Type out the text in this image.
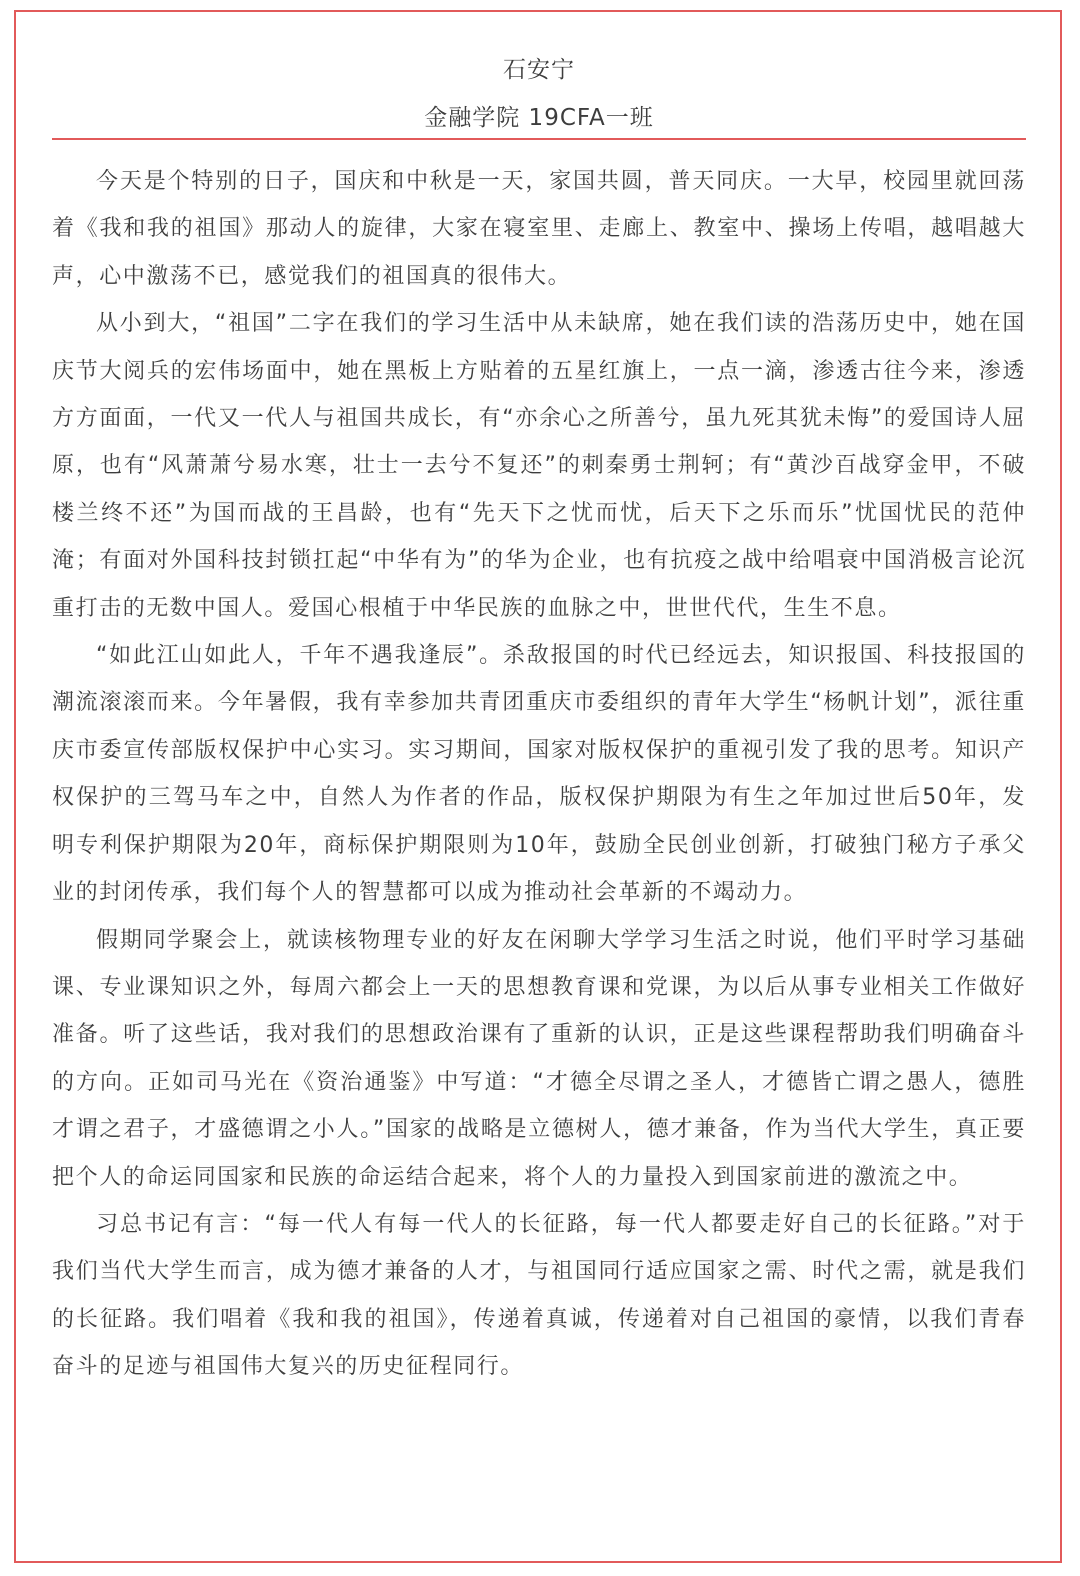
石安宁
金融学院 19CFA一班

今天是个特别的日子，国庆和中秋是一天，家国共圆，普天同庆。一大早，校园里就回荡着《我和我的祖国》那动人的旋律，大家在寝室里、走廊上、教室中、操场上传唱，越唱越大声，心中激荡不已，感觉我们的祖国真的很伟大。

从小到大，“祖国”二字在我们的学习生活中从未缺席，她在我们读的浩荡历史中，她在国庆节大阅兵的宏伟场面中，她在黑板上方贴着的五星红旗上，一点一滴，渗透古往今来，渗透方方面面，一代又一代人与祖国共成长，有“亦余心之所善兮，虽九死其犹未悔”的爱国诗人屈原，也有“风萧萧兮易水寒，壮士一去兮不复还”的刺秦勇士荆轲；有“黄沙百战穿金甲，不破楼兰终不还”为国而战的王昌龄，也有“先天下之忧而忧，后天下之乐而乐”忧国忧民的范仲淹；有面对外国科技封锁扛起“中华有为”的华为企业，也有抗疫之战中给唱衰中国消极言论沉重打击的无数中国人。爱国心根植于中华民族的血脉之中，世世代代，生生不息。

“如此江山如此人，千年不遇我逢辰”。杀敌报国的时代已经远去，知识报国、科技报国的潮流滚滚而来。今年暑假，我有幸参加共青团重庆市委组织的青年大学生“杨帆计划”，派往重庆市委宣传部版权保护中心实习。实习期间，国家对版权保护的重视引发了我的思考。知识产权保护的三驾马车之中，自然人为作者的作品，版权保护期限为有生之年加过世后50年，发明专利保护期限为20年，商标保护期限则为10年，鼓励全民创业创新，打破独门秘方子承父业的封闭传承，我们每个人的智慧都可以成为推动社会革新的不竭动力。

假期同学聚会上，就读核物理专业的好友在闲聊大学学习生活之时说，他们平时学习基础课、专业课知识之外，每周六都会上一天的思想教育课和党课，为以后从事专业相关工作做好准备。听了这些话，我对我们的思想政治课有了重新的认识，正是这些课程帮助我们明确奋斗的方向。正如司马光在《资治通鉴》中写道：“才德全尽谓之圣人，才德皆亡谓之愚人，德胜才谓之君子，才盛德谓之小人。”国家的战略是立德树人，德才兼备，作为当代大学生，真正要把个人的命运同国家和民族的命运结合起来，将个人的力量投入到国家前进的激流之中。

习总书记有言：“每一代人有每一代人的长征路，每一代人都要走好自己的长征路。”对于我们当代大学生而言，成为德才兼备的人才，与祖国同行适应国家之需、时代之需，就是我们的长征路。我们唱着《我和我的祖国》，传递着真诚，传递着对自己祖国的豪情，以我们青春奋斗的足迹与祖国伟大复兴的历史征程同行。
